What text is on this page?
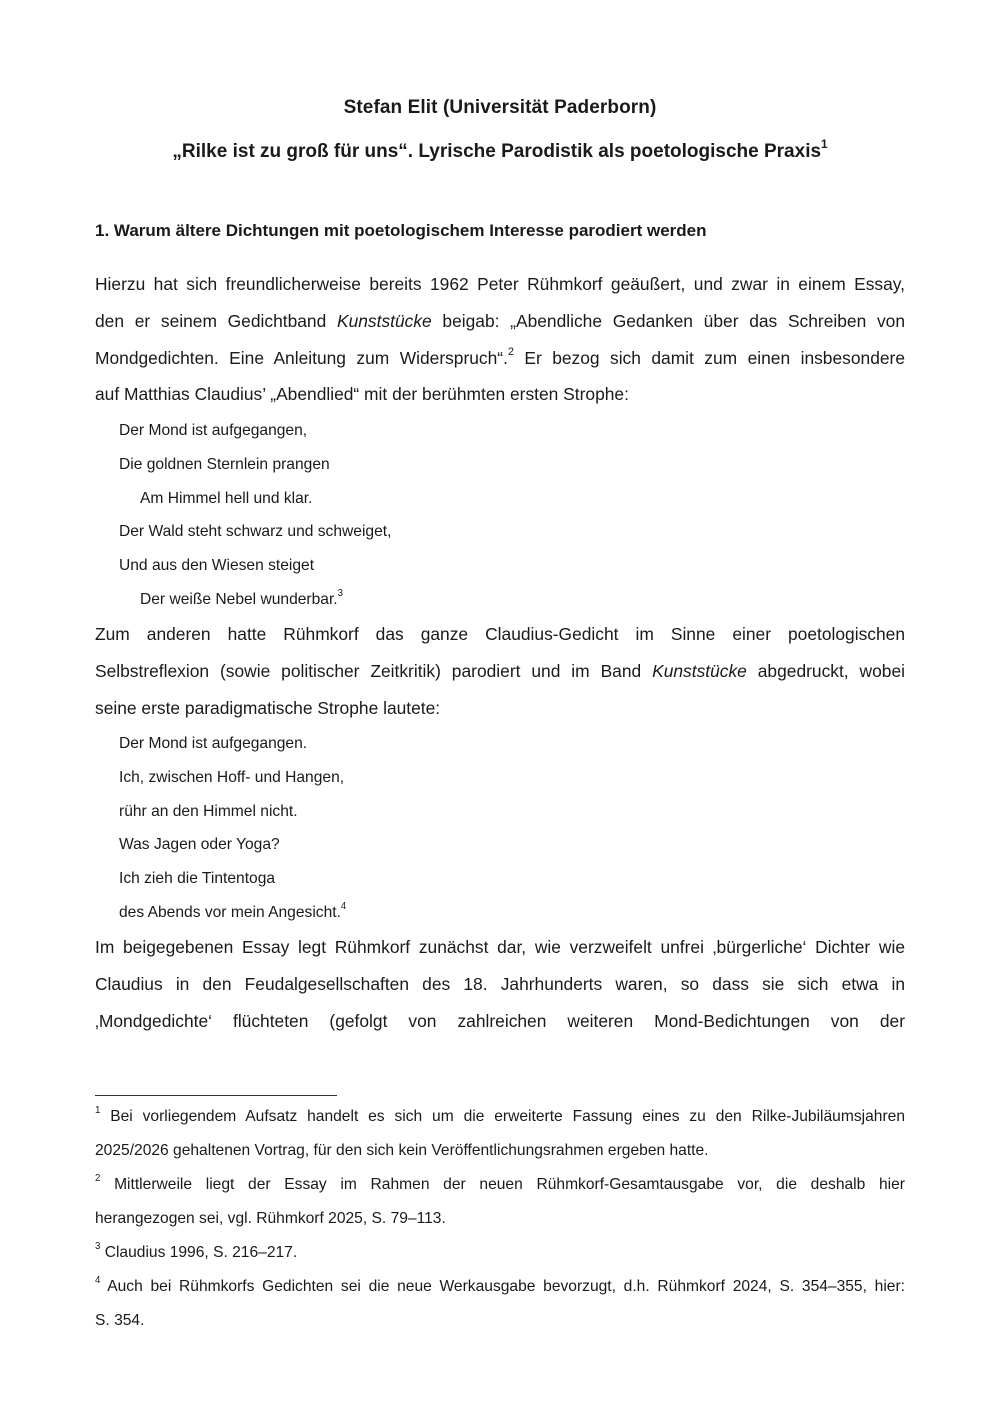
Stefan Elit (Universität Paderborn)
„Rilke ist zu groß für uns“. Lyrische Parodistik als poetologische Praxis$^1$
1. Warum ältere Dichtungen mit poetologischem Interesse parodiert werden
Hierzu hat sich freundlicherweise bereits 1962 Peter Rühmkorf geäußert, und zwar in einem Essay,
den er seinem Gedichtband Kunststücke beigab: „Abendliche Gedanken über das Schreiben von
Mondgedichten. Eine Anleitung zum Widerspruch“.$^2$ Er bezog sich damit zum einen insbesondere
auf Matthias Claudius’ „Abendlied“ mit der berühmten ersten Strophe:
Der Mond ist aufgegangen,
Die goldnen Sternlein prangen
Am Himmel hell und klar.
Der Wald steht schwarz und schweiget,
Und aus den Wiesen steiget
Der weiße Nebel wunderbar.$^3$
Zum anderen hatte Rühmkorf das ganze Claudius-Gedicht im Sinne einer poetologischen
Selbstreflexion (sowie politischer Zeitkritik) parodiert und im Band Kunststücke abgedruckt, wobei
seine erste paradigmatische Strophe lautete:
Der Mond ist aufgegangen.
Ich, zwischen Hoff- und Hangen,
rühr an den Himmel nicht.
Was Jagen oder Yoga?
Ich zieh die Tintentoga
des Abends vor mein Angesicht.$^4$
Im beigegebenen Essay legt Rühmkorf zunächst dar, wie verzweifelt unfrei ‚bürgerliche‘ Dichter wie
Claudius in den Feudalgesellschaften des 18. Jahrhunderts waren, so dass sie sich etwa in
‚Mondgedichte‘ flüchteten (gefolgt von zahlreichen weiteren Mond-Bedichtungen von der
$^1$ Bei vorliegendem Aufsatz handelt es sich um die erweiterte Fassung eines zu den Rilke-Jubiläumsjahren
2025/2026 gehaltenen Vortrag, für den sich kein Veröffentlichungsrahmen ergeben hatte.
$^2$ Mittlerweile liegt der Essay im Rahmen der neuen Rühmkorf-Gesamtausgabe vor, die deshalb hier
herangezogen sei, vgl. Rühmkorf 2025, S. 79–113.
$^3$ Claudius 1996, S. 216–217.
$^4$ Auch bei Rühmkorfs Gedichten sei die neue Werkausgabe bevorzugt, d.h. Rühmkorf 2024, S. 354–355, hier:
S. 354.
